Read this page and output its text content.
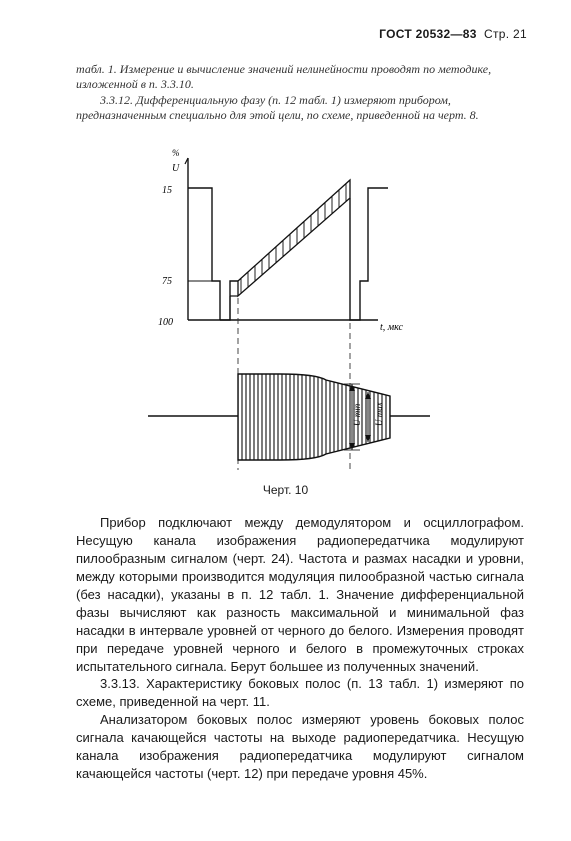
ГОСТ 20532—83 Стр. 21
табл. 1. Измерение и вычисление значений нелинейности проводят по методике, изложенной в п. 3.3.10.
3.3.12. Дифференциальную фазу (п. 12 табл. 1) измеряют прибором, предназначенным специально для этой цели, по схеме, приведенной на черт. 8.
%
U
15
75
100	t, мкс
U min U max
Черт. 10
Прибор подключают между демодулятором и осциллографом. Несущую канала изображения радиопередатчика модулируют пилообразным сигналом (черт. 24). Частота и размах насадки и уровни, между которыми производится модуляция пилообразной частью сигнала (без насадки), указаны в п. 12 табл. 1. Значение дифференциальной фазы вычисляют как разность максимальной и минимальной фаз насадки в интервале уровней от черного до белого. Измерения проводят при передаче уровней черного и белого в промежуточных строках испытательного сигнала. Берут большее из полученных значений.
3.3.13. Характеристику боковых полос (п. 13 табл. 1) измеряют по схеме, приведенной на черт. 11.
Анализатором боковых полос измеряют уровень боковых полос сигнала качающейся частоты на выходе радиопередатчика. Несущую канала изображения радиопередатчика модулируют сигналом качающейся частоты (черт. 12) при передаче уровня 45%.
